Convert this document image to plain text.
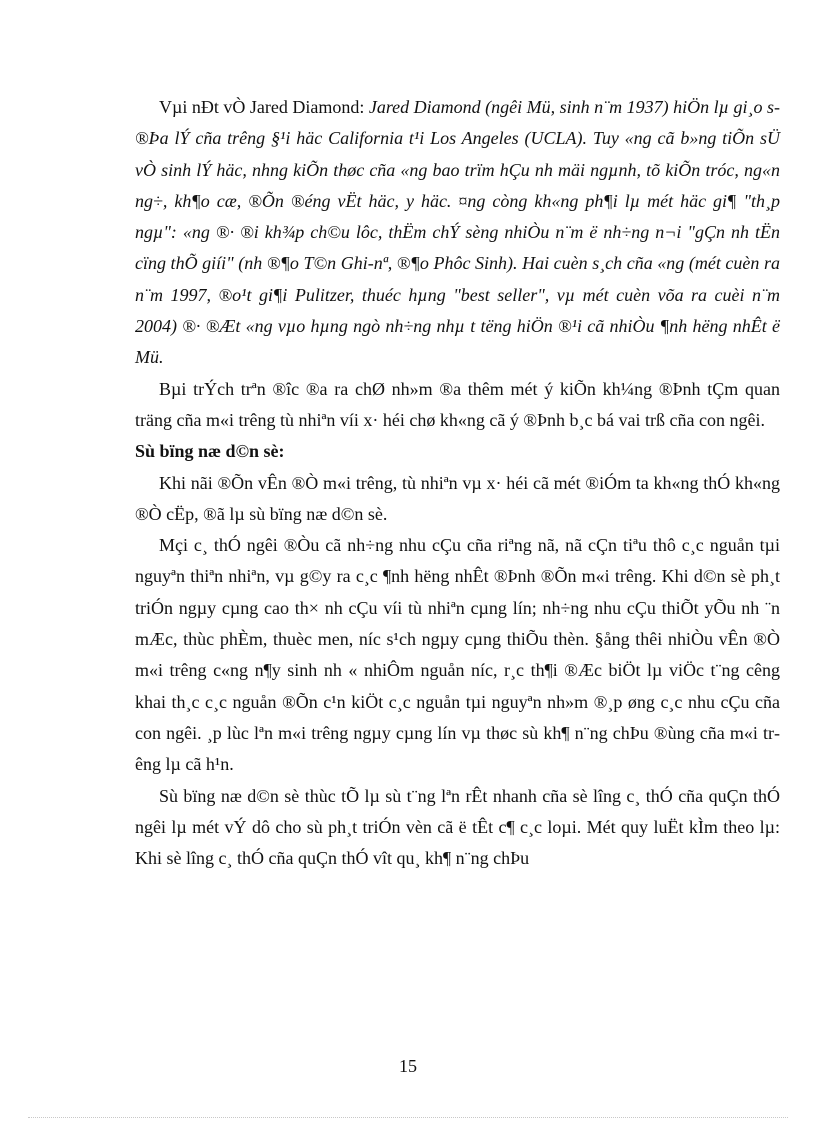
Vµi nÐt vÒ Jared Diamond: Jared Diamond (ngêi Mü, sinh n¨m 1937) hiÖn lµ gi¸o s ®Þa lÝ cña trêng §¹i häc California t¹i Los Angeles (UCLA). Tuy «ng cã b»ng tiÕn sÜ vÒ sinh lÝ häc, nhng kiÕn thøc cña «ng bao trïm hÇu nh mäi ngµnh, tõ kiÕn tróc, ng«n ng÷, kh¶o cæ, ®Õn ®éng vËt häc, y häc. ¤ng còng kh«ng ph¶i lµ mét häc gi¶ "th¸p ngµ": «ng ®· ®i kh¾p ch©u lôc, thËm chÝ sèng nhiÒu n¨m ë nh÷ng n¬i "gÇn nh tËn cïng thÕ giíi" (nh ®¶o T©n Ghi-nª, ®¶o Phôc Sinh). Hai cuèn s¸ch cña «ng (mét cuèn ra n¨m 1997, ®o¹t gi¶i Pulitzer, thuéc hµng "best seller", vµ mét cuèn võa ra cuèi n¨m 2004) ®· ®Æt «ng vµo hµng ngò nh÷ng nhµ t tëng hiÖn ®¹i cã nhiÒu ¶nh hëng nhÊt ë Mü.

Bµi trÝch trªn ®îc ®a ra chØ nh»m ®a thêm mét ý kiÕn kh¼ng ®Þnh tÇm quan träng cña m«i trêng tù nhiªn víi x· héi chø kh«ng cã ý ®Þnh b¸c bá vai trß cña con ngêi.

Sù bïng næ d©n sè:

Khi nãi ®Õn vÊn ®Ò m«i trêng, tù nhiªn vµ x· héi cã mét ®iÓm ta kh«ng thÓ kh«ng ®Ò cËp, ®ã lµ sù bïng næ d©n sè.

Mçi c¸ thÓ ngêi ®Òu cã nh÷ng nhu cÇu cña riªng nã, nã cÇn tiªu thô c¸c nguån tµi nguyªn thiªn nhiªn, vµ g©y ra c¸c ¶nh hëng nhÊt ®Þnh ®Õn m«i trêng. Khi d©n sè ph¸t triÓn ngµy cµng cao th× nh cÇu víi tù nhiªn cµng lín; nh÷ng nhu cÇu thiÕt yÕu nh ¨n mÆc, thùc phÈm, thuèc men, níc s¹ch ngµy cµng thiÕu thèn. §ång thêi nhiÒu vÊn ®Ò m«i trêng c«ng n¶y sinh nh « nhiÔm nguån níc, r¸c th¶i ®Æc biÖt lµ viÖc t¨ng cêng khai th¸c c¸c nguån ®Õn c¹n kiÖt c¸c nguån tµi nguyªn nh»m ®¸p øng c¸c nhu cÇu cña con ngêi. ¸p lùc lªn m«i trêng ngµy cµng lín vµ thøc sù kh¶ n¨ng chÞu ®ùng cña m«i trêng lµ cã h¹n.

Sù bïng næ d©n sè thùc tÕ lµ sù t¨ng lªn rÊt nhanh cña sè lîng c¸ thÓ cña quÇn thÓ ngêi lµ mét vÝ dô cho sù ph¸t triÓn vèn cã ë tÊt c¶ c¸c loµi. Mét quy luËt kÌm theo lµ: Khi sè lîng c¸ thÓ cña quÇn thÓ vît qu¸ kh¶ n¨ng chÞu

15
